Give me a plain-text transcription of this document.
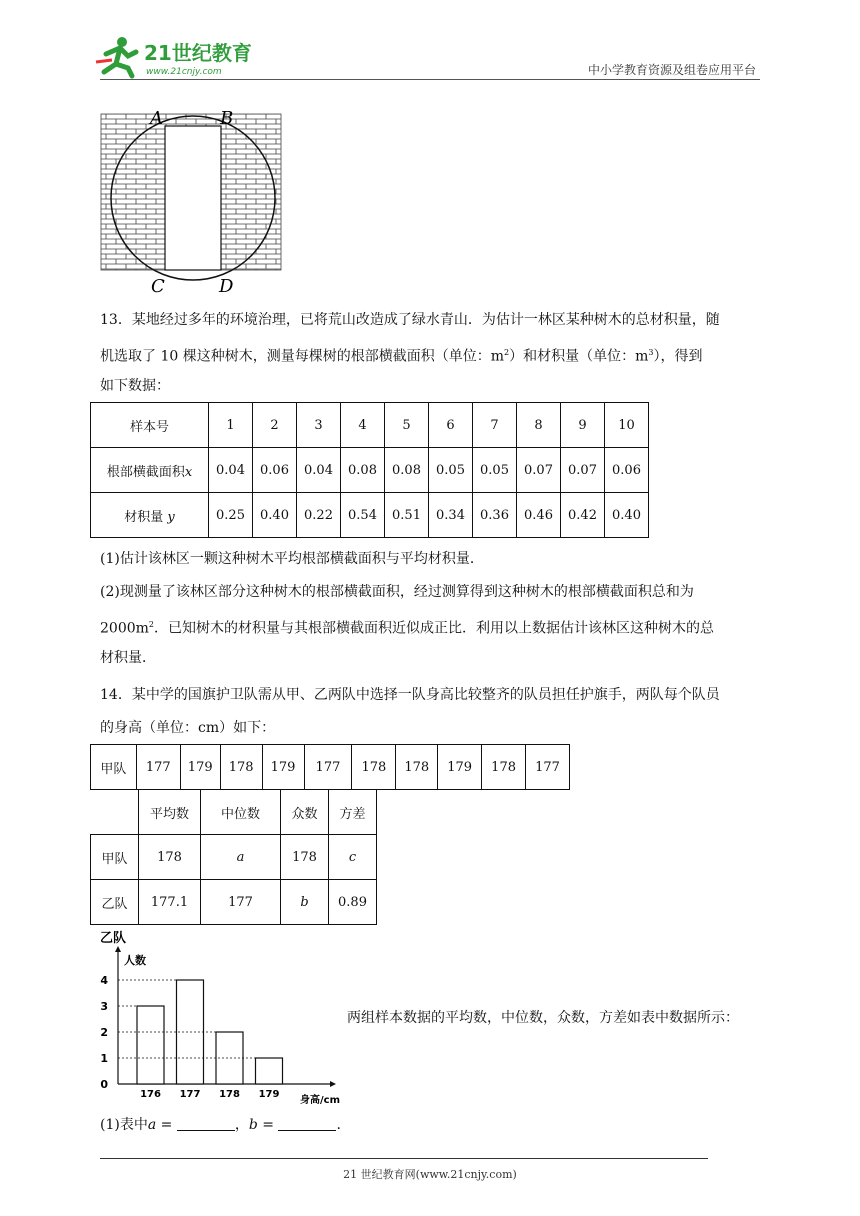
21世纪教育
www.21cnjy.com	中小学教育资源及组卷应用平台
A	B
C	D
13．某地经过多年的环境治理，已将荒山改造成了绿水青山．为估计一林区某种树木的总材积量，随
机选取了 10 棵这种树木，测量每棵树的根部横截面积（单位：$m^2$）和材积量（单位：$m^3$），得到
如下数据：
样本号	1	2	3	4	5	6	7	8	9	10
根部横截面积x	0.04	0.06	0.04	0.08	0.08	0.05	0.05	0.07	0.07	0.06
材积量 y	0.25	0.40	0.22	0.54	0.51	0.34	0.36	0.46	0.42	0.40
(1)估计该林区一颗这种树木平均根部横截面积与平均材积量．
(2)现测量了该林区部分这种树木的根部横截面积，经过测算得到这种树木的根部横截面积总和为
$2000m^2$．已知树木的材积量与其根部横截面积近似成正比．利用以上数据估计该林区这种树木的总
材积量．
14．某中学的国旗护卫队需从甲、乙两队中选择一队身高比较整齐的队员担任护旗手，两队每个队员
的身高（单位：cm）如下：
甲队	177	179	178	179	177	178	178	179	178	177
	平均数	中位数	众数	方差
甲队	178	a	178	c
乙队	177.1	177	b	0.89
乙队
人数
身高/cm
0
1
2
3
4
176 177 178 179
两组样本数据的平均数，中位数，众数，方差如表中数据所示：
(1)表中a =	，b =	.
21 世纪教育网(www.21cnjy.com)
